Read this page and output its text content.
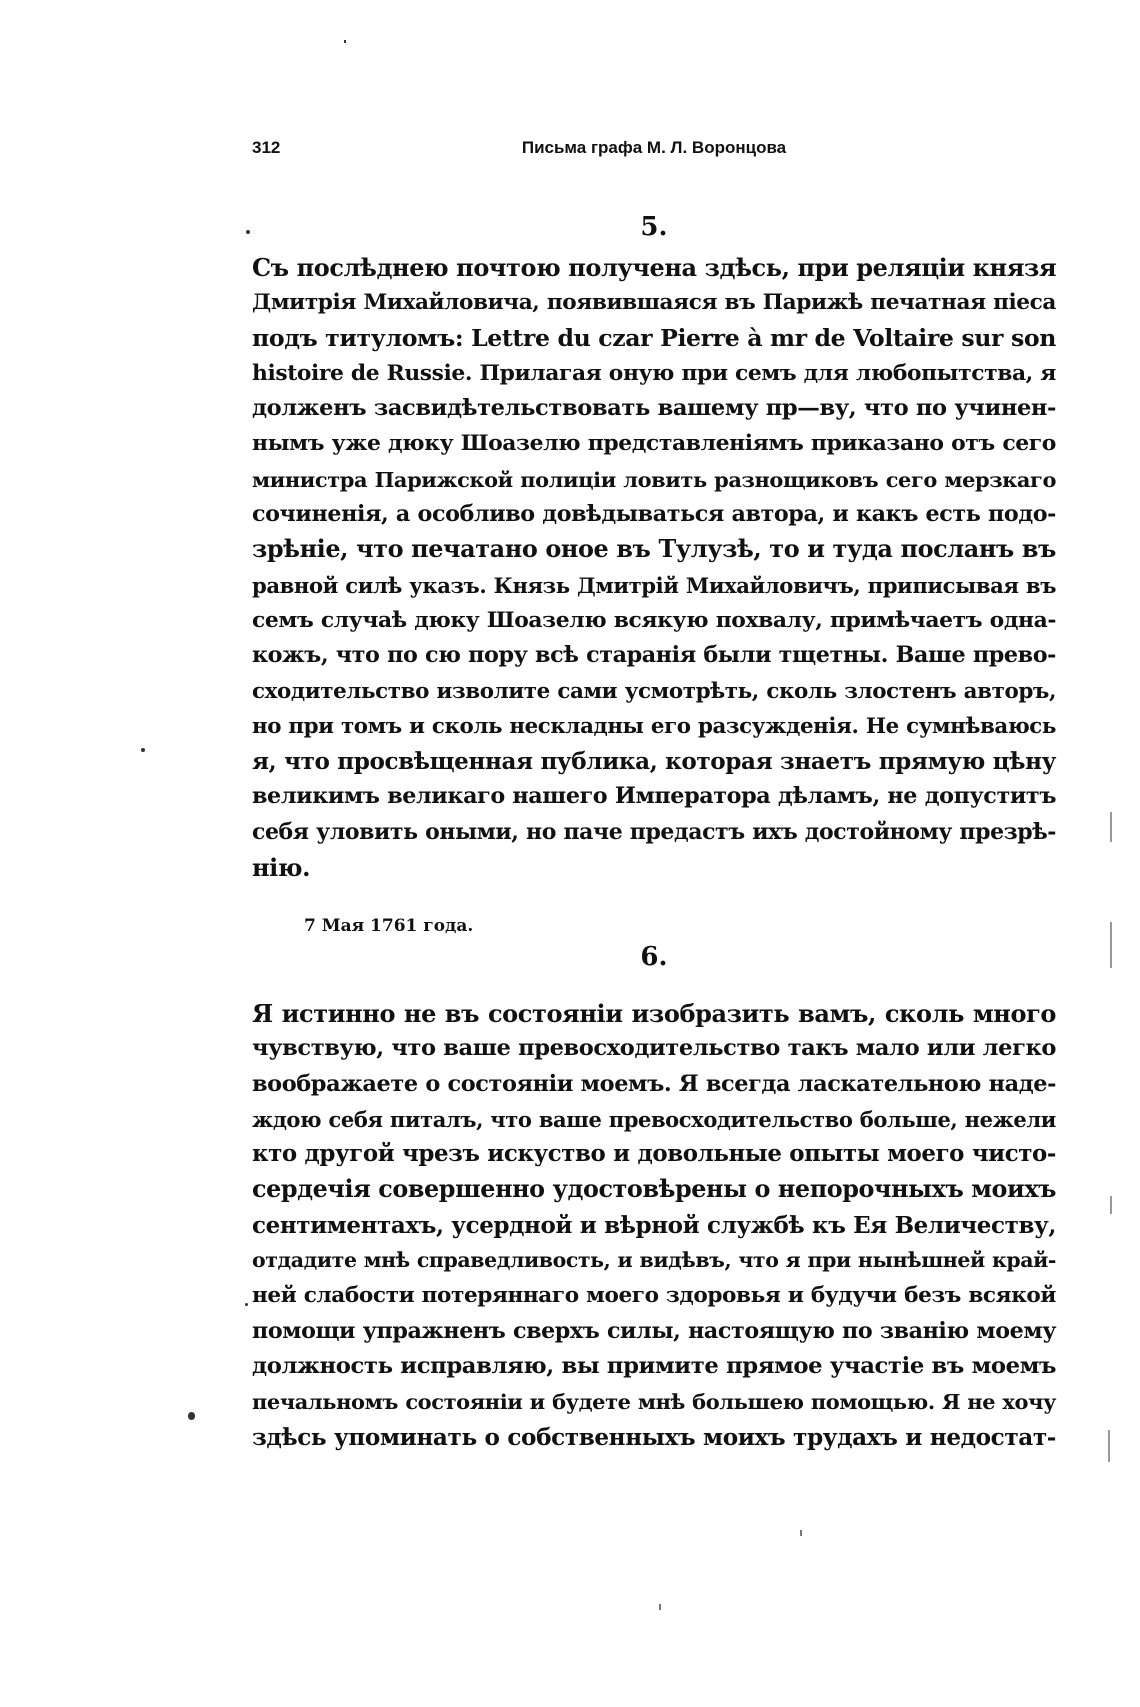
312	Письма графа М. Л. Воронцова
5.
Съ послѣднею почтою получена здѣсь, при реляціи князя
Дмитрія Михайловича, появившаяся въ Парижѣ печатная піеса
подъ титуломъ: Lettre du czar Pierre à mr de Voltaire sur son
histoire de Russie. Прилагая оную при семъ для любопытства, я
долженъ засвидѣтельствовать вашему пр—ву, что по учинен-
нымъ уже дюку Шоазелю представленіямъ приказано отъ сего
министра Парижской полиціи ловить разнощиковъ сего мерзкаго
сочиненія, а особливо довѣдываться автора, и какъ есть подо-
зрѣніе, что печатано оное въ Тулузѣ, то и туда посланъ въ
равной силѣ указъ. Князь Дмитрій Михайловичъ, приписывая въ
семъ случаѣ дюку Шоазелю всякую похвалу, примѣчаетъ одна-
кожъ, что по сю пору всѣ старанія были тщетны. Ваше прево-
сходительство изволите сами усмотрѣть, сколь злостенъ авторъ,
но при томъ и сколь нескладны его разсужденія. Не сумнѣваюсь
я, что просвѣщенная публика, которая знаетъ прямую цѣну
великимъ великаго нашего Императора дѣламъ, не допуститъ
себя уловить оными, но паче предастъ ихъ достойному презрѣ-
нію.
7 Мая 1761 года.
6.
Я истинно не въ состояніи изобразить вамъ, сколь много
чувствую, что ваше превосходительство такъ мало или легко
воображаете о состояніи моемъ. Я всегда ласкательною наде-
ждою себя питалъ, что ваше превосходительство больше, нежели
кто другой чрезъ искуство и довольные опыты моего чисто-
сердечія совершенно удостовѣрены о непорочныхъ моихъ
сентиментахъ, усердной и вѣрной службѣ къ Ея Величеству,
отдадите мнѣ справедливость, и видѣвъ, что я при нынѣшней край-
ней слабости потеряннаго моего здоровья и будучи безъ всякой
помощи упражненъ сверхъ силы, настоящую по званію моему
должность исправляю, вы примите прямое участіе въ моемъ
печальномъ состояніи и будете мнѣ большею помощью. Я не хочу
здѣсь упоминать о собственныхъ моихъ трудахъ и недостат-
